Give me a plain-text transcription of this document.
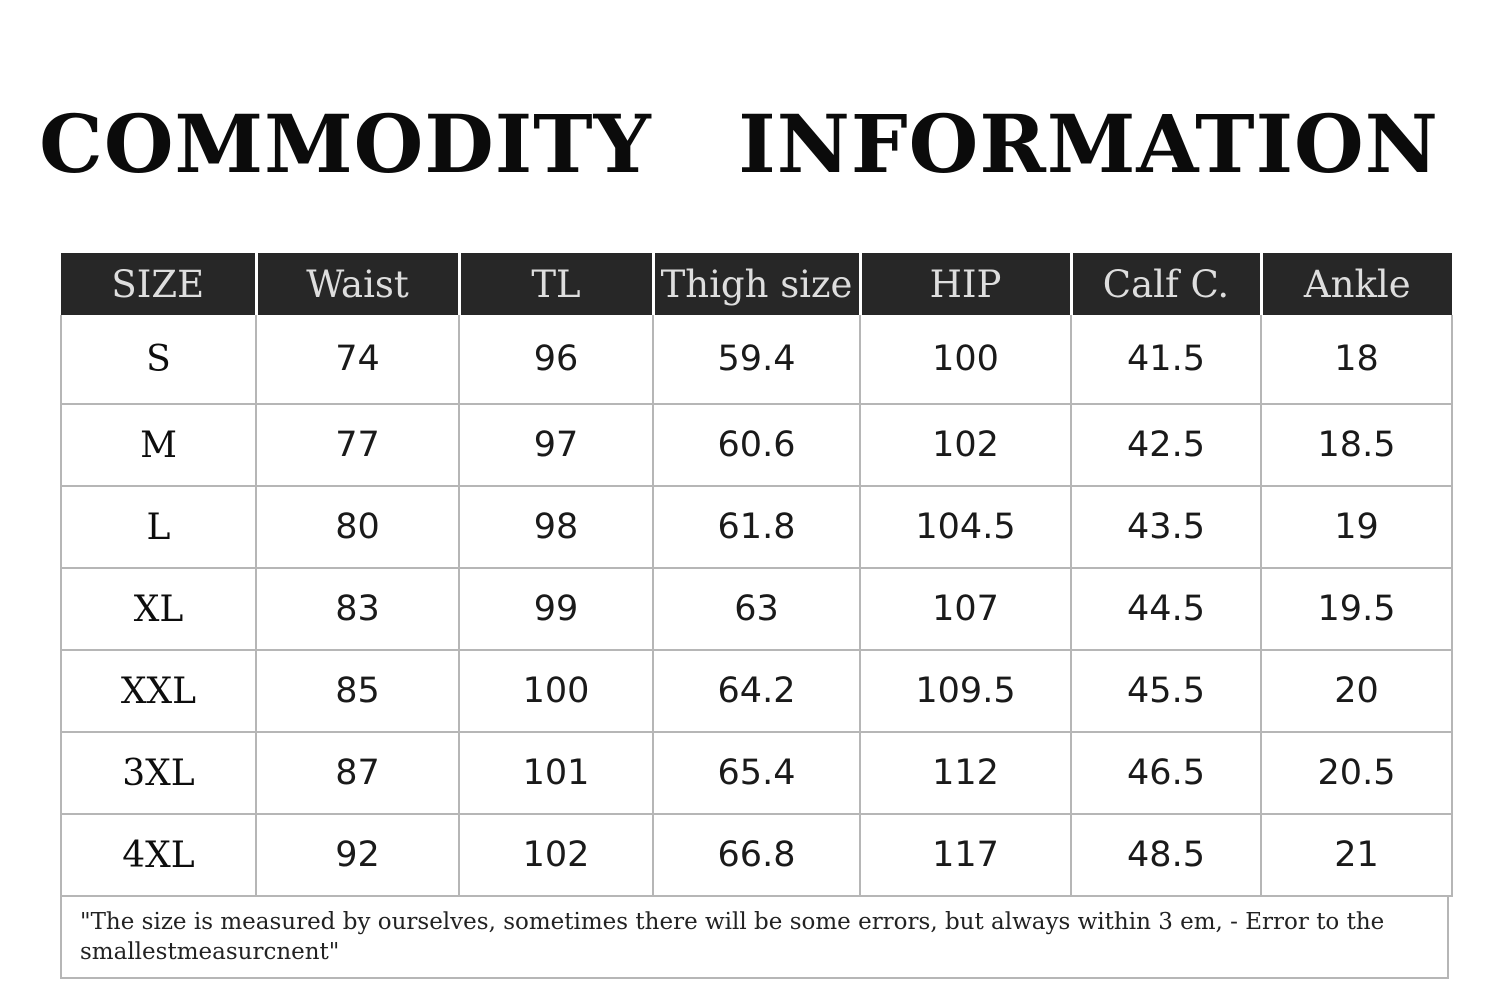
COMMODITY   INFORMATION
SIZE	Waist	TL	Thigh size	HIP	Calf C.	Ankle
S	74	96	59.4	100	41.5	18
M	77	97	60.6	102	42.5	18.5
L	80	98	61.8	104.5	43.5	19
XL	83	99	63	107	44.5	19.5
XXL	85	100	64.2	109.5	45.5	20
3XL	87	101	65.4	112	46.5	20.5
4XL	92	102	66.8	117	48.5	21
"The size is measured by ourselves, sometimes there will be some errors, but always within 3 em, - Error to the smallestmeasurcnent"
